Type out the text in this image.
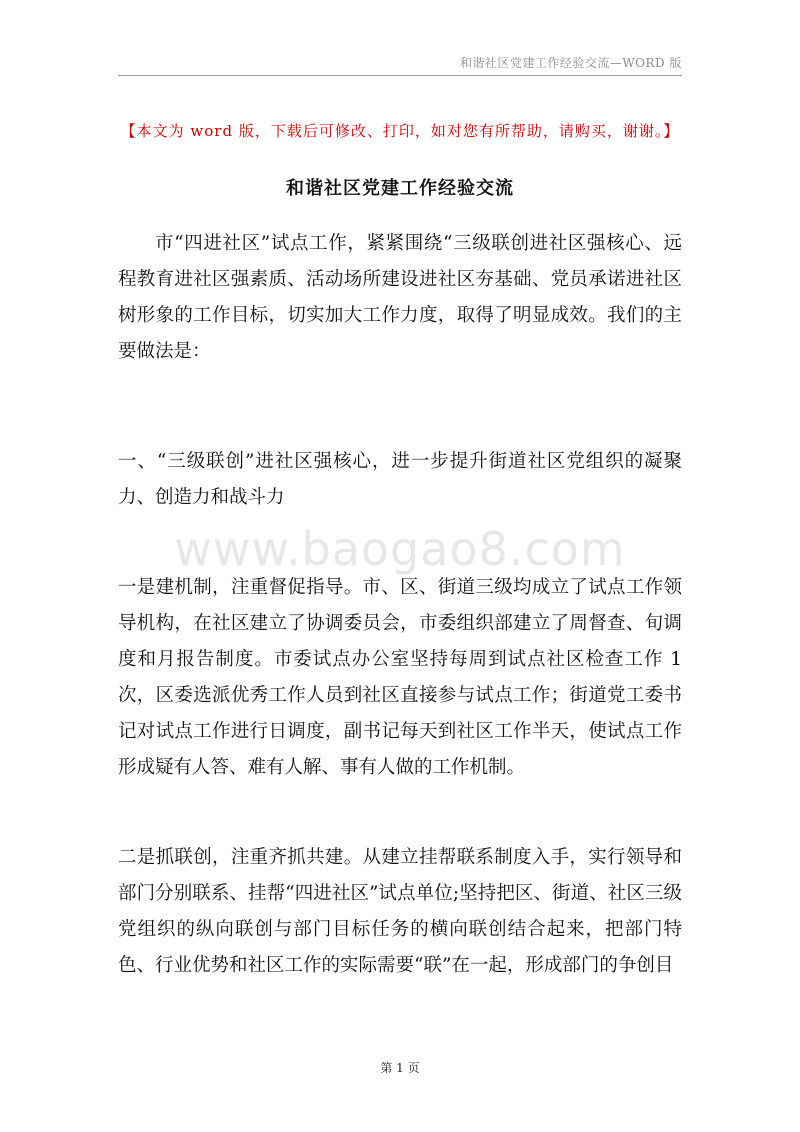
和谐社区党建工作经验交流—WORD 版
【本文为 word 版，下载后可修改、打印，如对您有所帮助，请购买，谢谢。】
和谐社区党建工作经验交流

市“四进社区”试点工作，紧紧围绕“三级联创进社区强核心、远程教育进社区强素质、活动场所建设进社区夯基础、党员承诺进社区树形象的工作目标，切实加大工作力度，取得了明显成效。我们的主要做法是：

一、“三级联创”进社区强核心，进一步提升街道社区党组织的凝聚力、创造力和战斗力

www.baogao8.com

一是建机制，注重督促指导。市、区、街道三级均成立了试点工作领导机构，在社区建立了协调委员会，市委组织部建立了周督查、旬调度和月报告制度。市委试点办公室坚持每周到试点社区检查工作 1 次，区委选派优秀工作人员到社区直接参与试点工作；街道党工委书记对试点工作进行日调度，副书记每天到社区工作半天，使试点工作形成疑有人答、难有人解、事有人做的工作机制。

二是抓联创，注重齐抓共建。从建立挂帮联系制度入手，实行领导和部门分别联系、挂帮“四进社区”试点单位;坚持把区、街道、社区三级党组织的纵向联创与部门目标任务的横向联创结合起来，把部门特色、行业优势和社区工作的实际需要“联”在一起，形成部门的争创目

第 1 页
